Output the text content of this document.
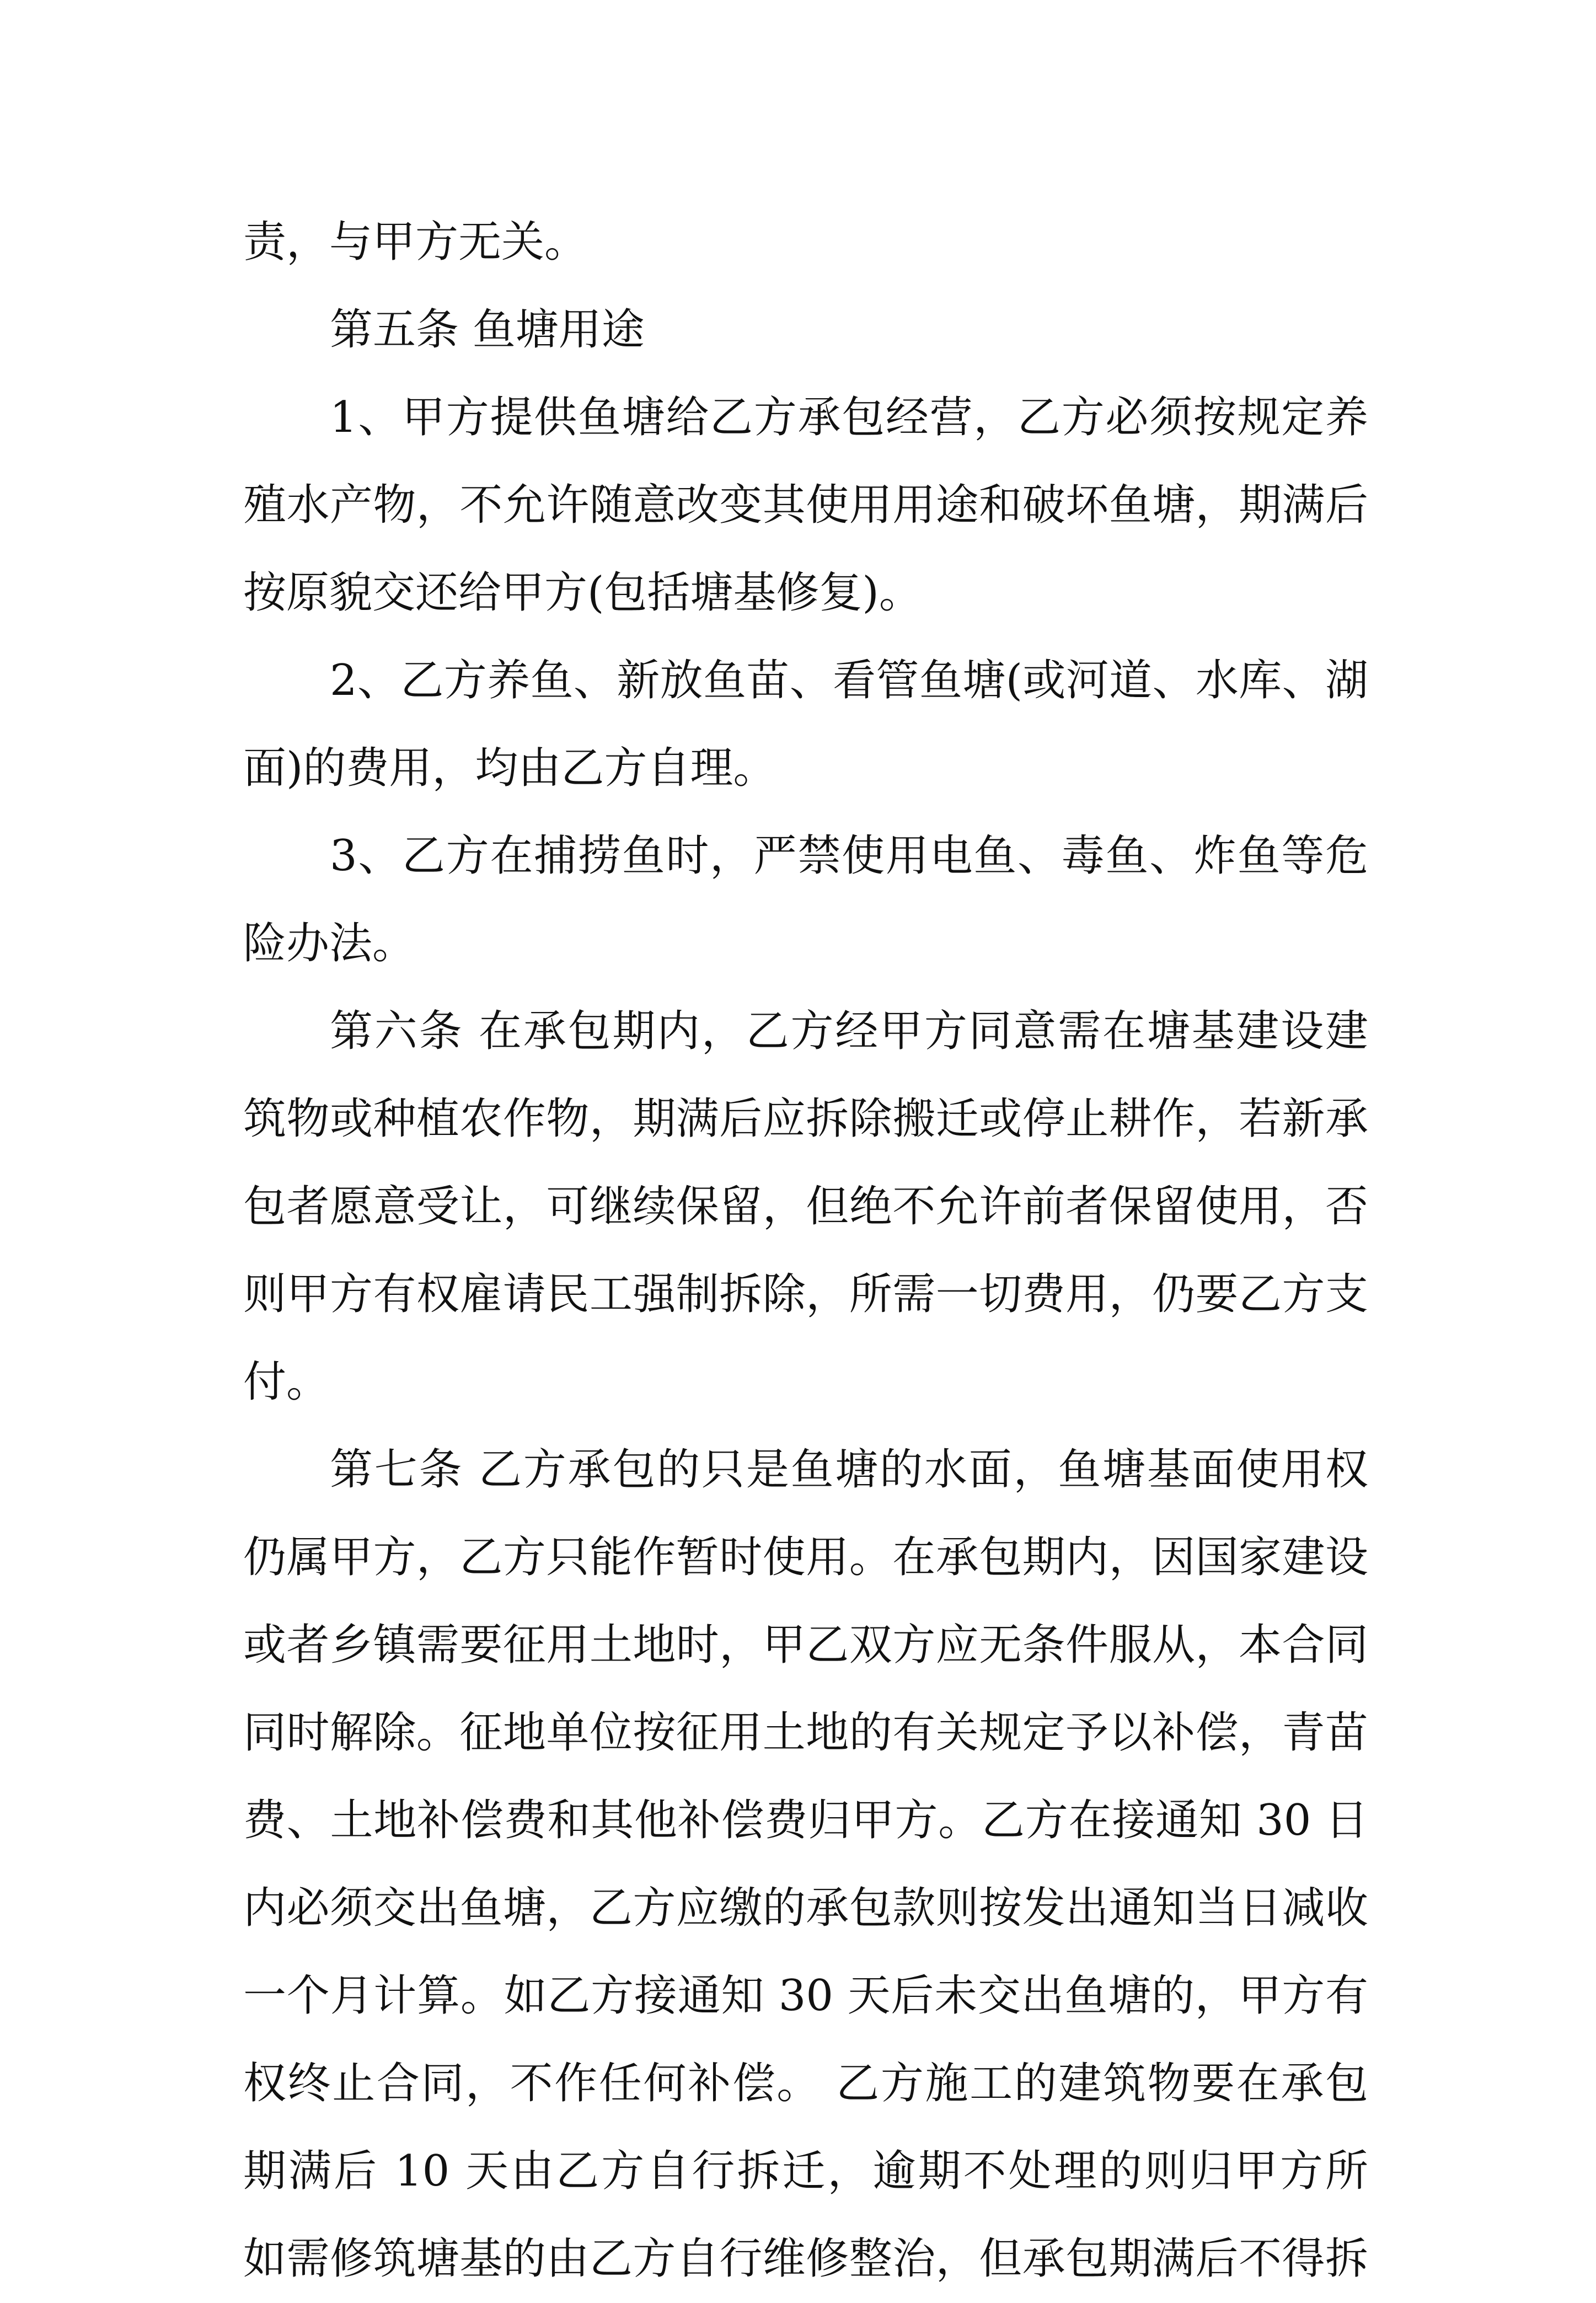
责，与甲方无关。
第五条 鱼塘用途
1、甲方提供鱼塘给乙方承包经营，乙方必须按规定养
殖水产物，不允许随意改变其使用用途和破坏鱼塘，期满后
按原貌交还给甲方(包括塘基修复)。
2、乙方养鱼、新放鱼苗、看管鱼塘(或河道、水库、湖
面)的费用，均由乙方自理。
3、乙方在捕捞鱼时，严禁使用电鱼、毒鱼、炸鱼等危
险办法。
第六条 在承包期内，乙方经甲方同意需在塘基建设建
筑物或种植农作物，期满后应拆除搬迁或停止耕作，若新承
包者愿意受让，可继续保留，但绝不允许前者保留使用，否
则甲方有权雇请民工强制拆除，所需一切费用，仍要乙方支
付。
第七条 乙方承包的只是鱼塘的水面，鱼塘基面使用权
仍属甲方，乙方只能作暂时使用。在承包期内，因国家建设
或者乡镇需要征用土地时，甲乙双方应无条件服从，本合同
同时解除。征地单位按征用土地的有关规定予以补偿，青苗
费、土地补偿费和其他补偿费归甲方。乙方在接通知 30 日
内必须交出鱼塘，乙方应缴的承包款则按发出通知当日减收
一个月计算。如乙方接通知 30 天后未交出鱼塘的，甲方有
权终止合同，不作任何补偿。 乙方施工的建筑物要在承包
期满后 10 天由乙方自行拆迁，逾期不处理的则归甲方所
如需修筑塘基的由乙方自行维修整治，但承包期满后不得拆
